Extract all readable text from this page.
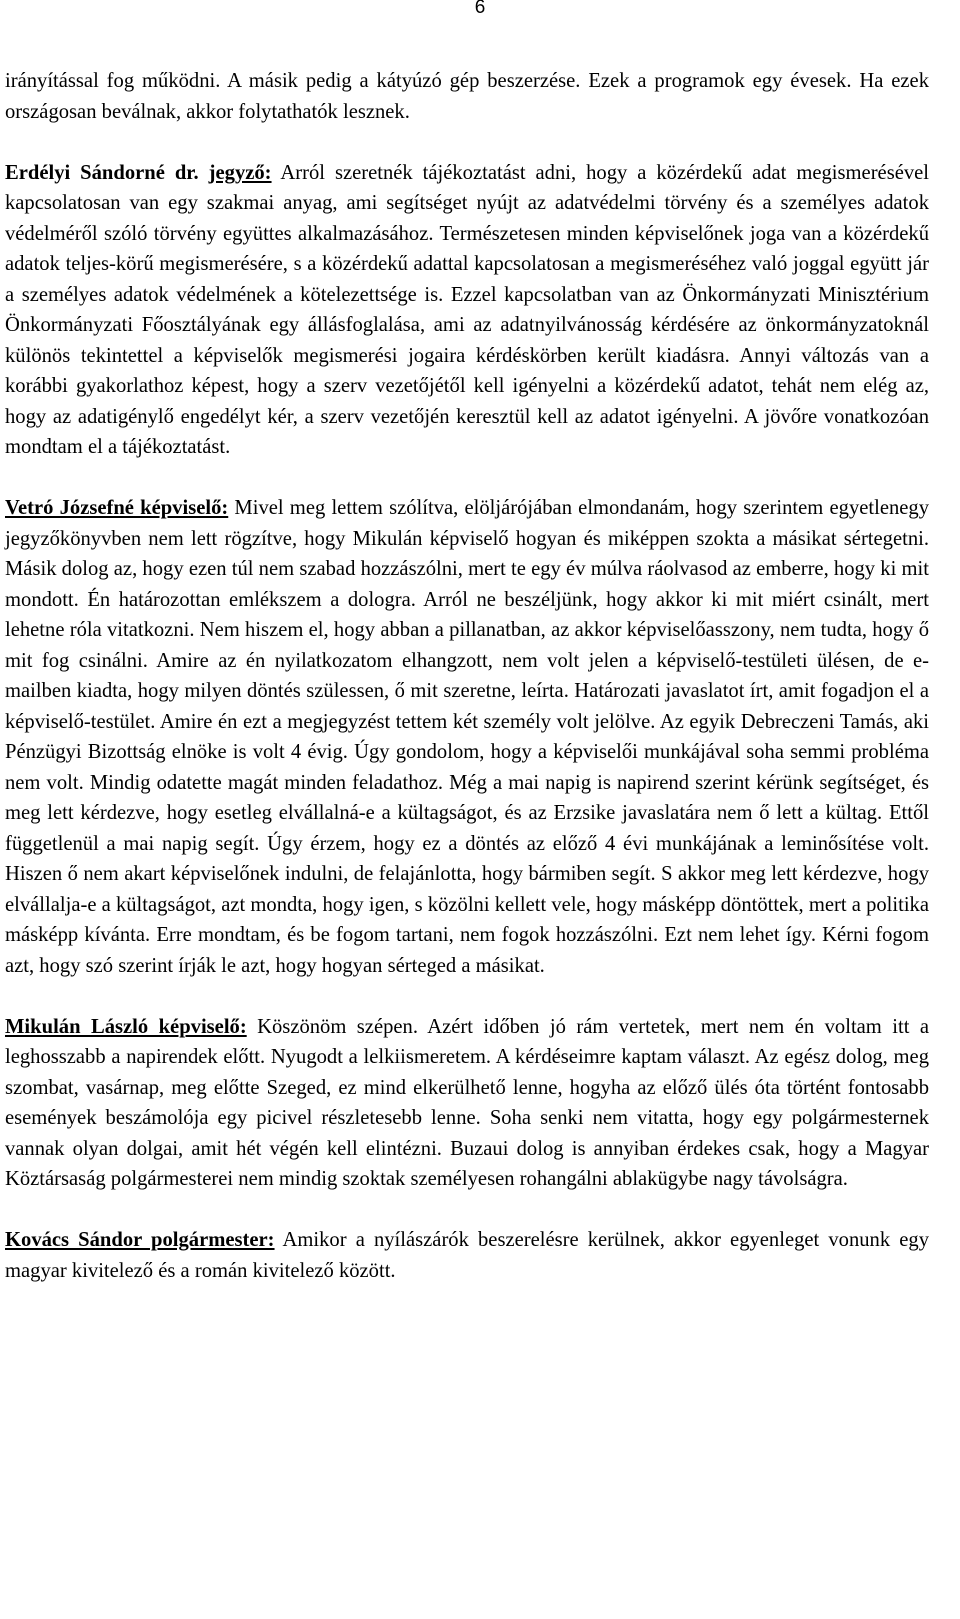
6

irányítással fog működni. A másik pedig a kátyúzó gép beszerzése. Ezek a programok egy évesek. Ha ezek országosan beválnak, akkor folytathatók lesznek.

Erdélyi Sándorné dr. jegyző: Arról szeretnék tájékoztatást adni, hogy a közérdekű adat megismerésével kapcsolatosan van egy szakmai anyag, ami segítséget nyújt az adatvédelmi törvény és a személyes adatok védelméről szóló törvény együttes alkalmazásához. Természetesen minden képviselőnek joga van a közérdekű adatok teljes-körű megismerésére, s a közérdekű adattal kapcsolatosan a megismeréséhez való joggal együtt jár a személyes adatok védelmének a kötelezettsége is. Ezzel kapcsolatban van az Önkormányzati Minisztérium Önkormányzati Főosztályának egy állásfoglalása, ami az adatnyilvánosság kérdésére az önkormányzatoknál különös tekintettel a képviselők megismerési jogaira kérdéskörben került kiadásra. Annyi változás van a korábbi gyakorlathoz képest, hogy a szerv vezetőjétől kell igényelni a közérdekű adatot, tehát nem elég az, hogy az adatigénylő engedélyt kér, a szerv vezetőjén keresztül kell az adatot igényelni. A jövőre vonatkozóan mondtam el a tájékoztatást.

Vetró Józsefné képviselő: Mivel meg lettem szólítva, elöljárójában elmondanám, hogy szerintem egyetlenegy jegyzőkönyvben nem lett rögzítve, hogy Mikulán képviselő hogyan és miképpen szokta a másikat sértegetni. Másik dolog az, hogy ezen túl nem szabad hozzászólni, mert te egy év múlva ráolvasod az emberre, hogy ki mit mondott. Én határozottan emlékszem a dologra. Arról ne beszéljünk, hogy akkor ki mit miért csinált, mert lehetne róla vitatkozni. Nem hiszem el, hogy abban a pillanatban, az akkor képviselőasszony, nem tudta, hogy ő mit fog csinálni. Amire az én nyilatkozatom elhangzott, nem volt jelen a képviselő-testületi ülésen, de e-mailben kiadta, hogy milyen döntés szülessen, ő mit szeretne, leírta. Határozati javaslatot írt, amit fogadjon el a képviselő-testület. Amire én ezt a megjegyzést tettem két személy volt jelölve. Az egyik Debreczeni Tamás, aki Pénzügyi Bizottság elnöke is volt 4 évig. Úgy gondolom, hogy a képviselői munkájával soha semmi probléma nem volt. Mindig odatette magát minden feladathoz. Még a mai napig is napirend szerint kérünk segítséget, és meg lett kérdezve, hogy esetleg elvállalná-e a kültagságot, és az Erzsike javaslatára nem ő lett a kültag. Ettől függetlenül a mai napig segít. Úgy érzem, hogy ez a döntés az előző 4 évi munkájának a leminősítése volt. Hiszen ő nem akart képviselőnek indulni, de felajánlotta, hogy bármiben segít. S akkor meg lett kérdezve, hogy elvállalja-e a kültagságot, azt mondta, hogy igen, s közölni kellett vele, hogy másképp döntöttek, mert a politika másképp kívánta. Erre mondtam, és be fogom tartani, nem fogok hozzászólni. Ezt nem lehet így. Kérni fogom azt, hogy szó szerint írják le azt, hogy hogyan sérteged a másikat.

Mikulán László képviselő: Köszönöm szépen. Azért időben jó rám vertetek, mert nem én voltam itt a leghosszabb a napirendek előtt. Nyugodt a lelkiismeretem. A kérdéseimre kaptam választ. Az egész dolog, meg szombat, vasárnap, meg előtte Szeged, ez mind elkerülhető lenne, hogyha az előző ülés óta történt fontosabb események beszámolója egy picivel részletesebb lenne. Soha senki nem vitatta, hogy egy polgármesternek vannak olyan dolgai, amit hét végén kell elintézni. Buzaui dolog is annyiban érdekes csak, hogy a Magyar Köztársaság polgármesterei nem mindig szoktak személyesen rohangálni ablakügybe nagy távolságra.

Kovács Sándor polgármester: Amikor a nyílászárók beszerelésre kerülnek, akkor egyenleget vonunk egy magyar kivitelező és a román kivitelező között.
